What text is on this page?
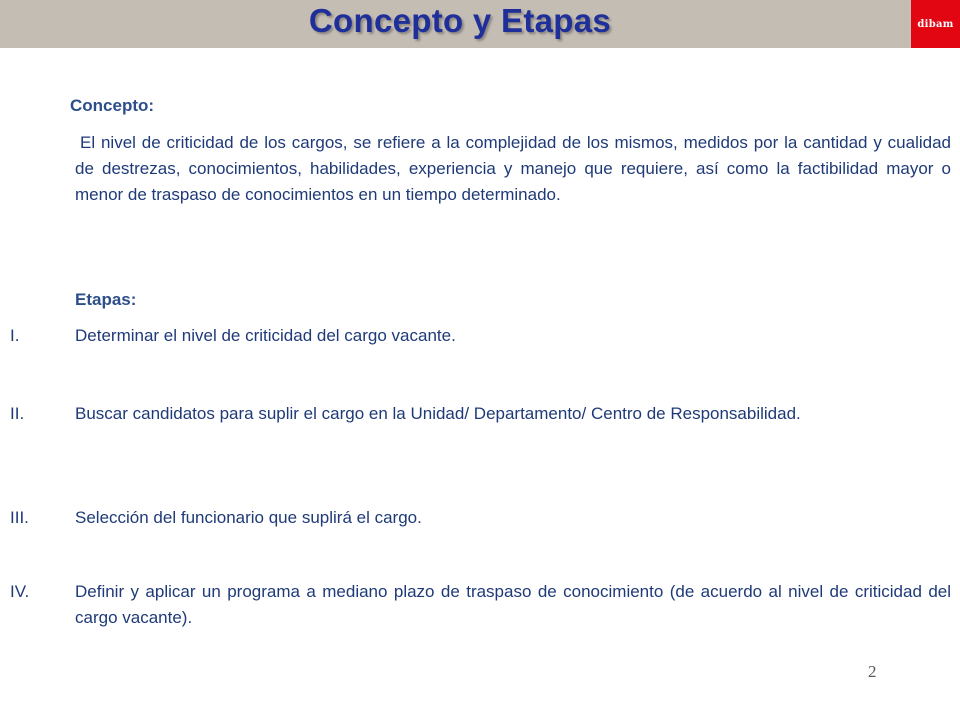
Concepto y Etapas	dibam
Concepto:
El nivel de criticidad de los cargos, se refiere a la complejidad de los mismos, medidos por la cantidad y cualidad de destrezas, conocimientos, habilidades, experiencia y manejo que requiere, así como la factibilidad mayor o menor de traspaso de conocimientos en un tiempo determinado.
Etapas:
I.	Determinar el nivel de criticidad del cargo vacante.
II.	Buscar candidatos para suplir el cargo en la Unidad/ Departamento/ Centro de Responsabilidad.
III.	Selección del funcionario que suplirá el cargo.
IV.	Definir y aplicar un programa a mediano plazo de traspaso de conocimiento (de acuerdo al nivel de criticidad del cargo vacante).
2
